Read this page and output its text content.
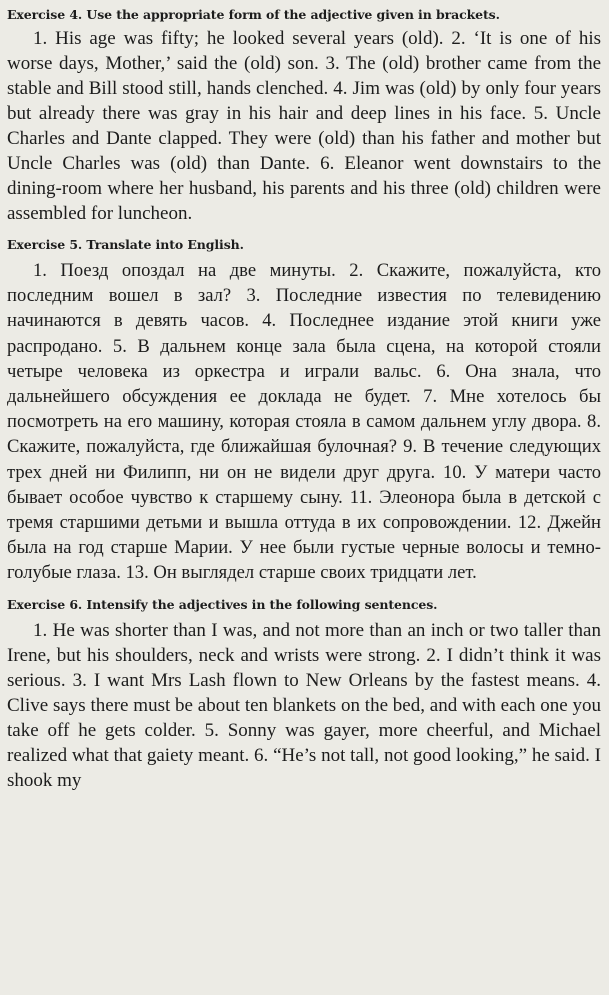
Exercise 4. Use the appropriate form of the adjective given in brackets.

1. His age was fifty; he looked several years (old). 2. ‘It is one of his worse days, Mother,’ said the (old) son. 3. The (old) brother came from the stable and Bill stood still, hands clenched. 4. Jim was (old) by only four years but already there was gray in his hair and deep lines in his face. 5. Uncle Charles and Dante clapped. They were (old) than his father and mother but Uncle Charles was (old) than Dante. 6. Eleanor went downstairs to the dining-room where her husband, his parents and his three (old) children were assembled for luncheon.

Exercise 5. Translate into English.

1. Поезд опоздал на две минуты. 2. Скажите, пожалуйста, кто последним вошел в зал? 3. Последние известия по телевидению начинаются в девять часов. 4. Последнее издание этой книги уже распродано. 5. В дальнем конце зала была сцена, на которой стояли четыре человека из оркестра и играли вальс. 6. Она знала, что дальнейшего обсуждения ее доклада не будет. 7. Мне хотелось бы посмотреть на его машину, которая стояла в самом дальнем углу двора. 8. Скажите, пожалуйста, где ближайшая булочная? 9. В течение следующих трех дней ни Филипп, ни он не видели друг друга. 10. У матери часто бывает особое чувство к старшему сыну. 11. Элеонора была в детской с тремя старшими детьми и вышла оттуда в их сопровождении. 12. Джейн была на год старше Марии. У нее были густые черные волосы и темно-голубые глаза. 13. Он выглядел старше своих тридцати лет.

Exercise 6. Intensify the adjectives in the following sentences.

1. He was shorter than I was, and not more than an inch or two taller than Irene, but his shoulders, neck and wrists were strong. 2. I didn’t think it was serious. 3. I want Mrs Lash flown to New Orleans by the fastest means. 4. Clive says there must be about ten blankets on the bed, and with each one you take off he gets colder. 5. Sonny was gayer, more cheerful, and Michael realized what that gaiety meant. 6. “He’s not tall, not good looking,” he said. I shook my
